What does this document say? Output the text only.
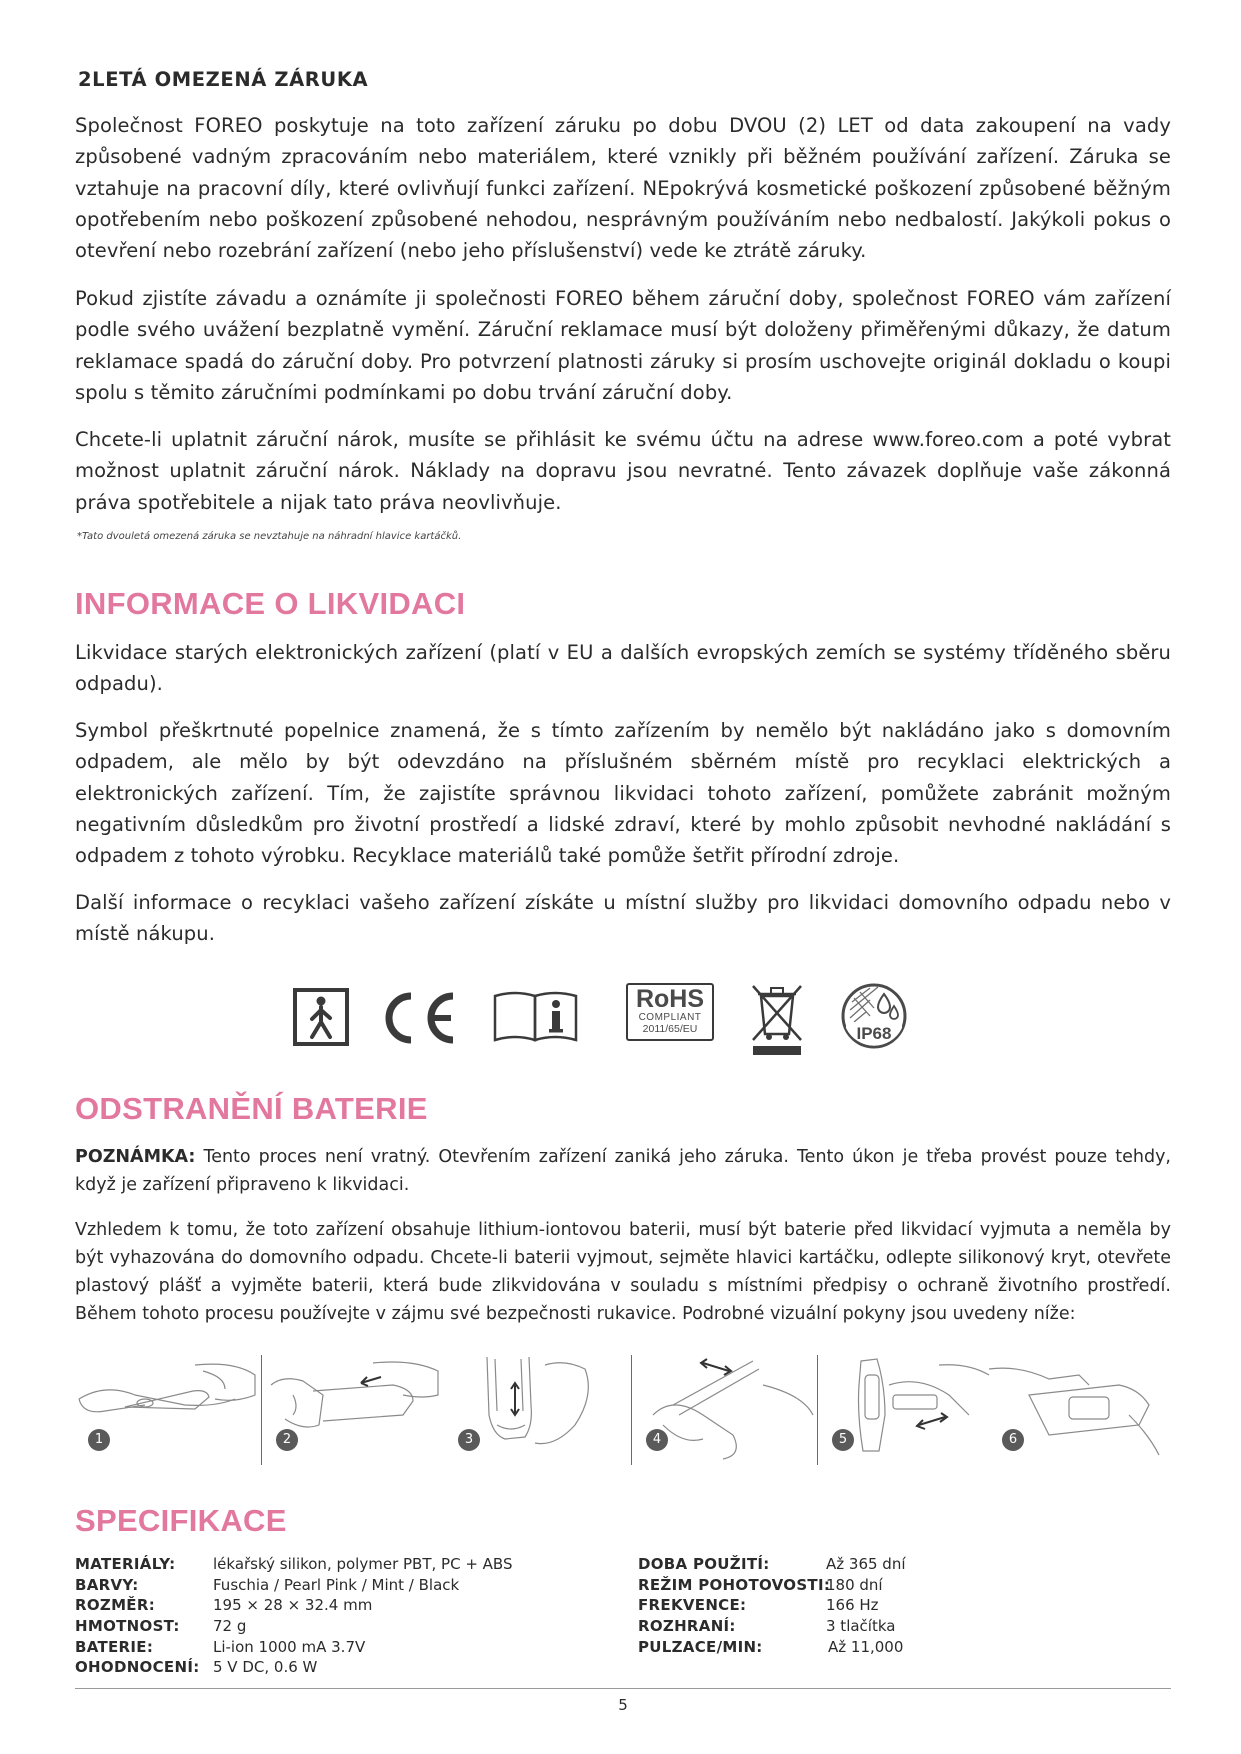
2LETÁ OMEZENÁ ZÁRUKA

Společnost FOREO poskytuje na toto zařízení záruku po dobu DVOU (2) LET od data zakoupení na vady způsobené vadným zpracováním nebo materiálem, které vznikly při běžném používání zařízení. Záruka se vztahuje na pracovní díly, které ovlivňují funkci zařízení. NEpokrývá kosmetické poškození způsobené běžným opotřebením nebo poškození způsobené nehodou, nesprávným používáním nebo nedbalostí. Jakýkoli pokus o otevření nebo rozebrání zařízení (nebo jeho příslušenství) vede ke ztrátě záruky.

Pokud zjistíte závadu a oznámíte ji společnosti FOREO během záruční doby, společnost FOREO vám zařízení podle svého uvážení bezplatně vymění. Záruční reklamace musí být doloženy přiměřenými důkazy, že datum reklamace spadá do záruční doby. Pro potvrzení platnosti záruky si prosím uschovejte originál dokladu o koupi spolu s těmito záručními podmínkami po dobu trvání záruční doby.

Chcete-li uplatnit záruční nárok, musíte se přihlásit ke svému účtu na adrese www.foreo.com a poté vybrat možnost uplatnit záruční nárok. Náklady na dopravu jsou nevratné. Tento závazek doplňuje vaše zákonná práva spotřebitele a nijak tato práva neovlivňuje.

*Tato dvouletá omezená záruka se nevztahuje na náhradní hlavice kartáčků.

INFORMACE O LIKVIDACI

Likvidace starých elektronických zařízení (platí v EU a dalších evropských zemích se systémy tříděného sběru odpadu).

Symbol přeškrtnuté popelnice znamená, že s tímto zařízením by nemělo být nakládáno jako s domovním odpadem, ale mělo by být odevzdáno na příslušném sběrném místě pro recyklaci elektrických a elektronických zařízení. Tím, že zajistíte správnou likvidaci tohoto zařízení, pomůžete zabránit možným negativním důsledkům pro životní prostředí a lidské zdraví, které by mohlo způsobit nevhodné nakládání s odpadem z tohoto výrobku. Recyklace materiálů také pomůže šetřit přírodní zdroje.

Další informace o recyklaci vašeho zařízení získáte u místní služby pro likvidaci domovního odpadu nebo v místě nákupu.

RoHS
COMPLIANT
2011/65/EU	IP68
ODSTRANĚNÍ BATERIE

POZNÁMKA: Tento proces není vratný. Otevřením zařízení zaniká jeho záruka. Tento úkon je třeba provést pouze tehdy, když je zařízení připraveno k likvidaci.

Vzhledem k tomu, že toto zařízení obsahuje lithium-iontovou baterii, musí být baterie před likvidací vyjmuta a neměla by být vyhazována do domovního odpadu. Chcete-li baterii vyjmout, sejměte hlavici kartáčku, odlepte silikonový kryt, otevřete plastový plášť a vyjměte baterii, která bude zlikvidována v souladu s místními předpisy o ochraně životního prostředí. Během tohoto procesu používejte v zájmu své bezpečnosti rukavice. Podrobné vizuální pokyny jsou uvedeny níže:

1	2	3	4	5	6
SPECIFIKACE
MATERIÁLY:	lékařský silikon, polymer PBT, PC + ABS
BARVY:	Fuschia / Pearl Pink / Mint / Black
ROZMĚR:	195 × 28 × 32.4 mm
HMOTNOST: 72 g
BATERIE:	Li-ion 1000 mA 3.7V
OHODNOCENÍ: 5 V DC, 0.6 W
DOBA POUŽITÍ:	Až 365 dní
REŽIM POHOTOVOSTI:
180 dní
FREKVENCE:	166 Hz
ROZHRANÍ:	3 tlačítka
PULZACE/MIN:	Až 11,000
5
